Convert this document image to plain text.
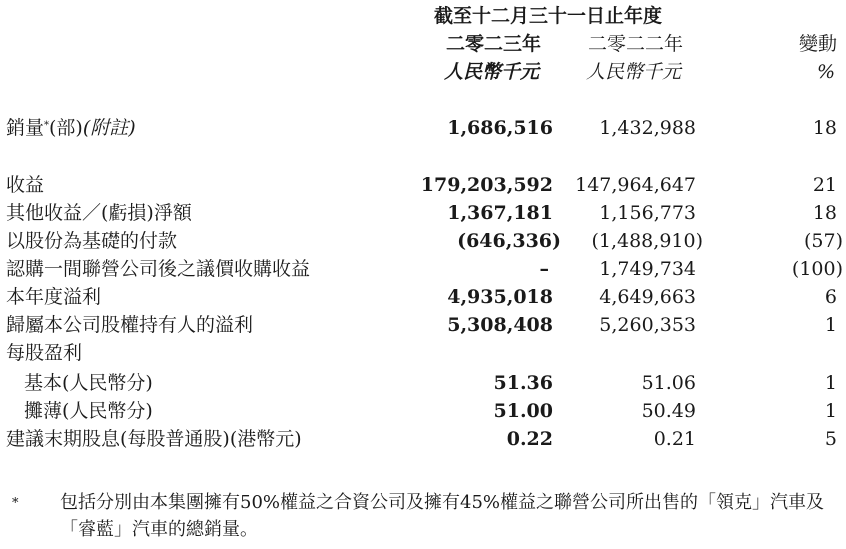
截至十二月三十一日止年度
二零二三年 二零二二年	變動
人民幣千元 人民幣千元	%
銷量*(部)(附註)	1,686,516 1,432,988	18
收益	179,203,592 147,964,647	21
其他收益／(虧損)淨額	1,367,181 1,156,773	18
以股份為基礎的付款	(646,336) (1,488,910)	(57)
認購一間聯營公司後之議價收購收益	–	1,749,734	(100)
本年度溢利	4,935,018 4,649,663	6
歸屬本公司股權持有人的溢利	5,308,408 5,260,353	1
每股盈利
基本(人民幣分)	51.36	51.06	1
攤薄(人民幣分)	51.00	50.49	1
建議末期股息(每股普通股)(港幣元)	0.22	0.21	5
* 包括分別由本集團擁有50%權益之合資公司及擁有45%權益之聯營公司所出售的「領克」汽車及「睿藍」汽車的總銷量。
